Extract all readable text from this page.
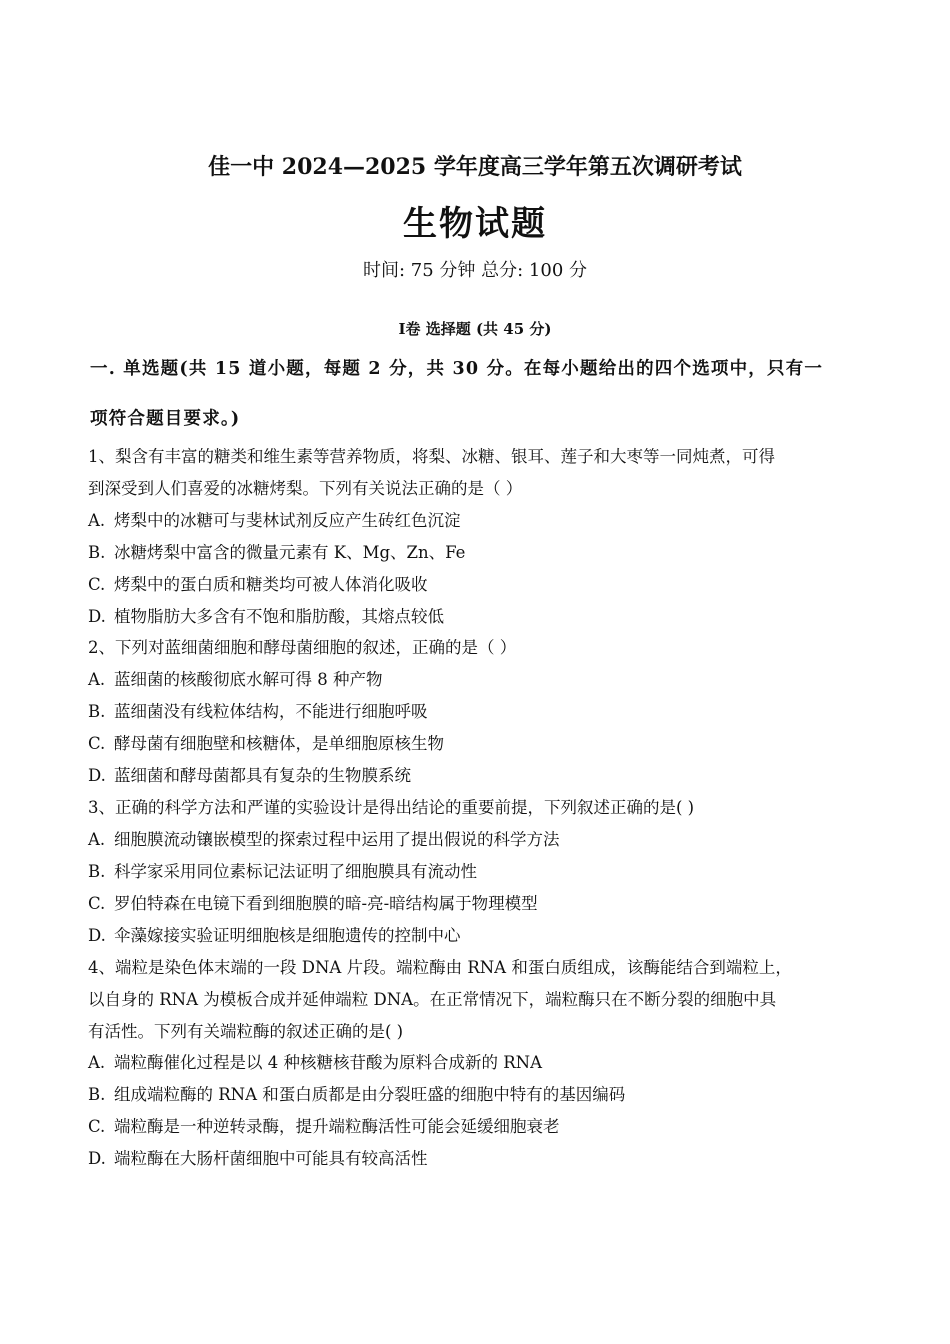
佳一中 2024—2025 学年度高三学年第五次调研考试
生物试题
时间: 75 分钟 总分: 100 分
Ⅰ卷 选择题 (共 45 分)
一. 单选题(共 15 道小题，每题 2 分，共 30 分。在每小题给出的四个选项中，只有一
项符合题目要求。)
1、梨含有丰富的糖类和维生素等营养物质，将梨、冰糖、银耳、莲子和大枣等一同炖煮，可得
到深受到人们喜爱的冰糖烤梨。下列有关说法正确的是（ ）
A. 烤梨中的冰糖可与斐林试剂反应产生砖红色沉淀
B. 冰糖烤梨中富含的微量元素有 K、Mg、Zn、Fe
C. 烤梨中的蛋白质和糖类均可被人体消化吸收
D. 植物脂肪大多含有不饱和脂肪酸，其熔点较低
2、下列对蓝细菌细胞和酵母菌细胞的叙述，正确的是（ ）
A. 蓝细菌的核酸彻底水解可得 8 种产物
B. 蓝细菌没有线粒体结构，不能进行细胞呼吸
C. 酵母菌有细胞壁和核糖体，是单细胞原核生物
D. 蓝细菌和酵母菌都具有复杂的生物膜系统
3、正确的科学方法和严谨的实验设计是得出结论的重要前提，下列叙述正确的是( )
A. 细胞膜流动镶嵌模型的探索过程中运用了提出假说的科学方法
B. 科学家采用同位素标记法证明了细胞膜具有流动性
C. 罗伯特森在电镜下看到细胞膜的暗-亮-暗结构属于物理模型
D. 伞藻嫁接实验证明细胞核是细胞遗传的控制中心
4、端粒是染色体末端的一段 DNA 片段。端粒酶由 RNA 和蛋白质组成，该酶能结合到端粒上，
以自身的 RNA 为模板合成并延伸端粒 DNA。在正常情况下，端粒酶只在不断分裂的细胞中具
有活性。下列有关端粒酶的叙述正确的是( )
A. 端粒酶催化过程是以 4 种核糖核苷酸为原料合成新的 RNA
B. 组成端粒酶的 RNA 和蛋白质都是由分裂旺盛的细胞中特有的基因编码
C. 端粒酶是一种逆转录酶，提升端粒酶活性可能会延缓细胞衰老
D. 端粒酶在大肠杆菌细胞中可能具有较高活性
